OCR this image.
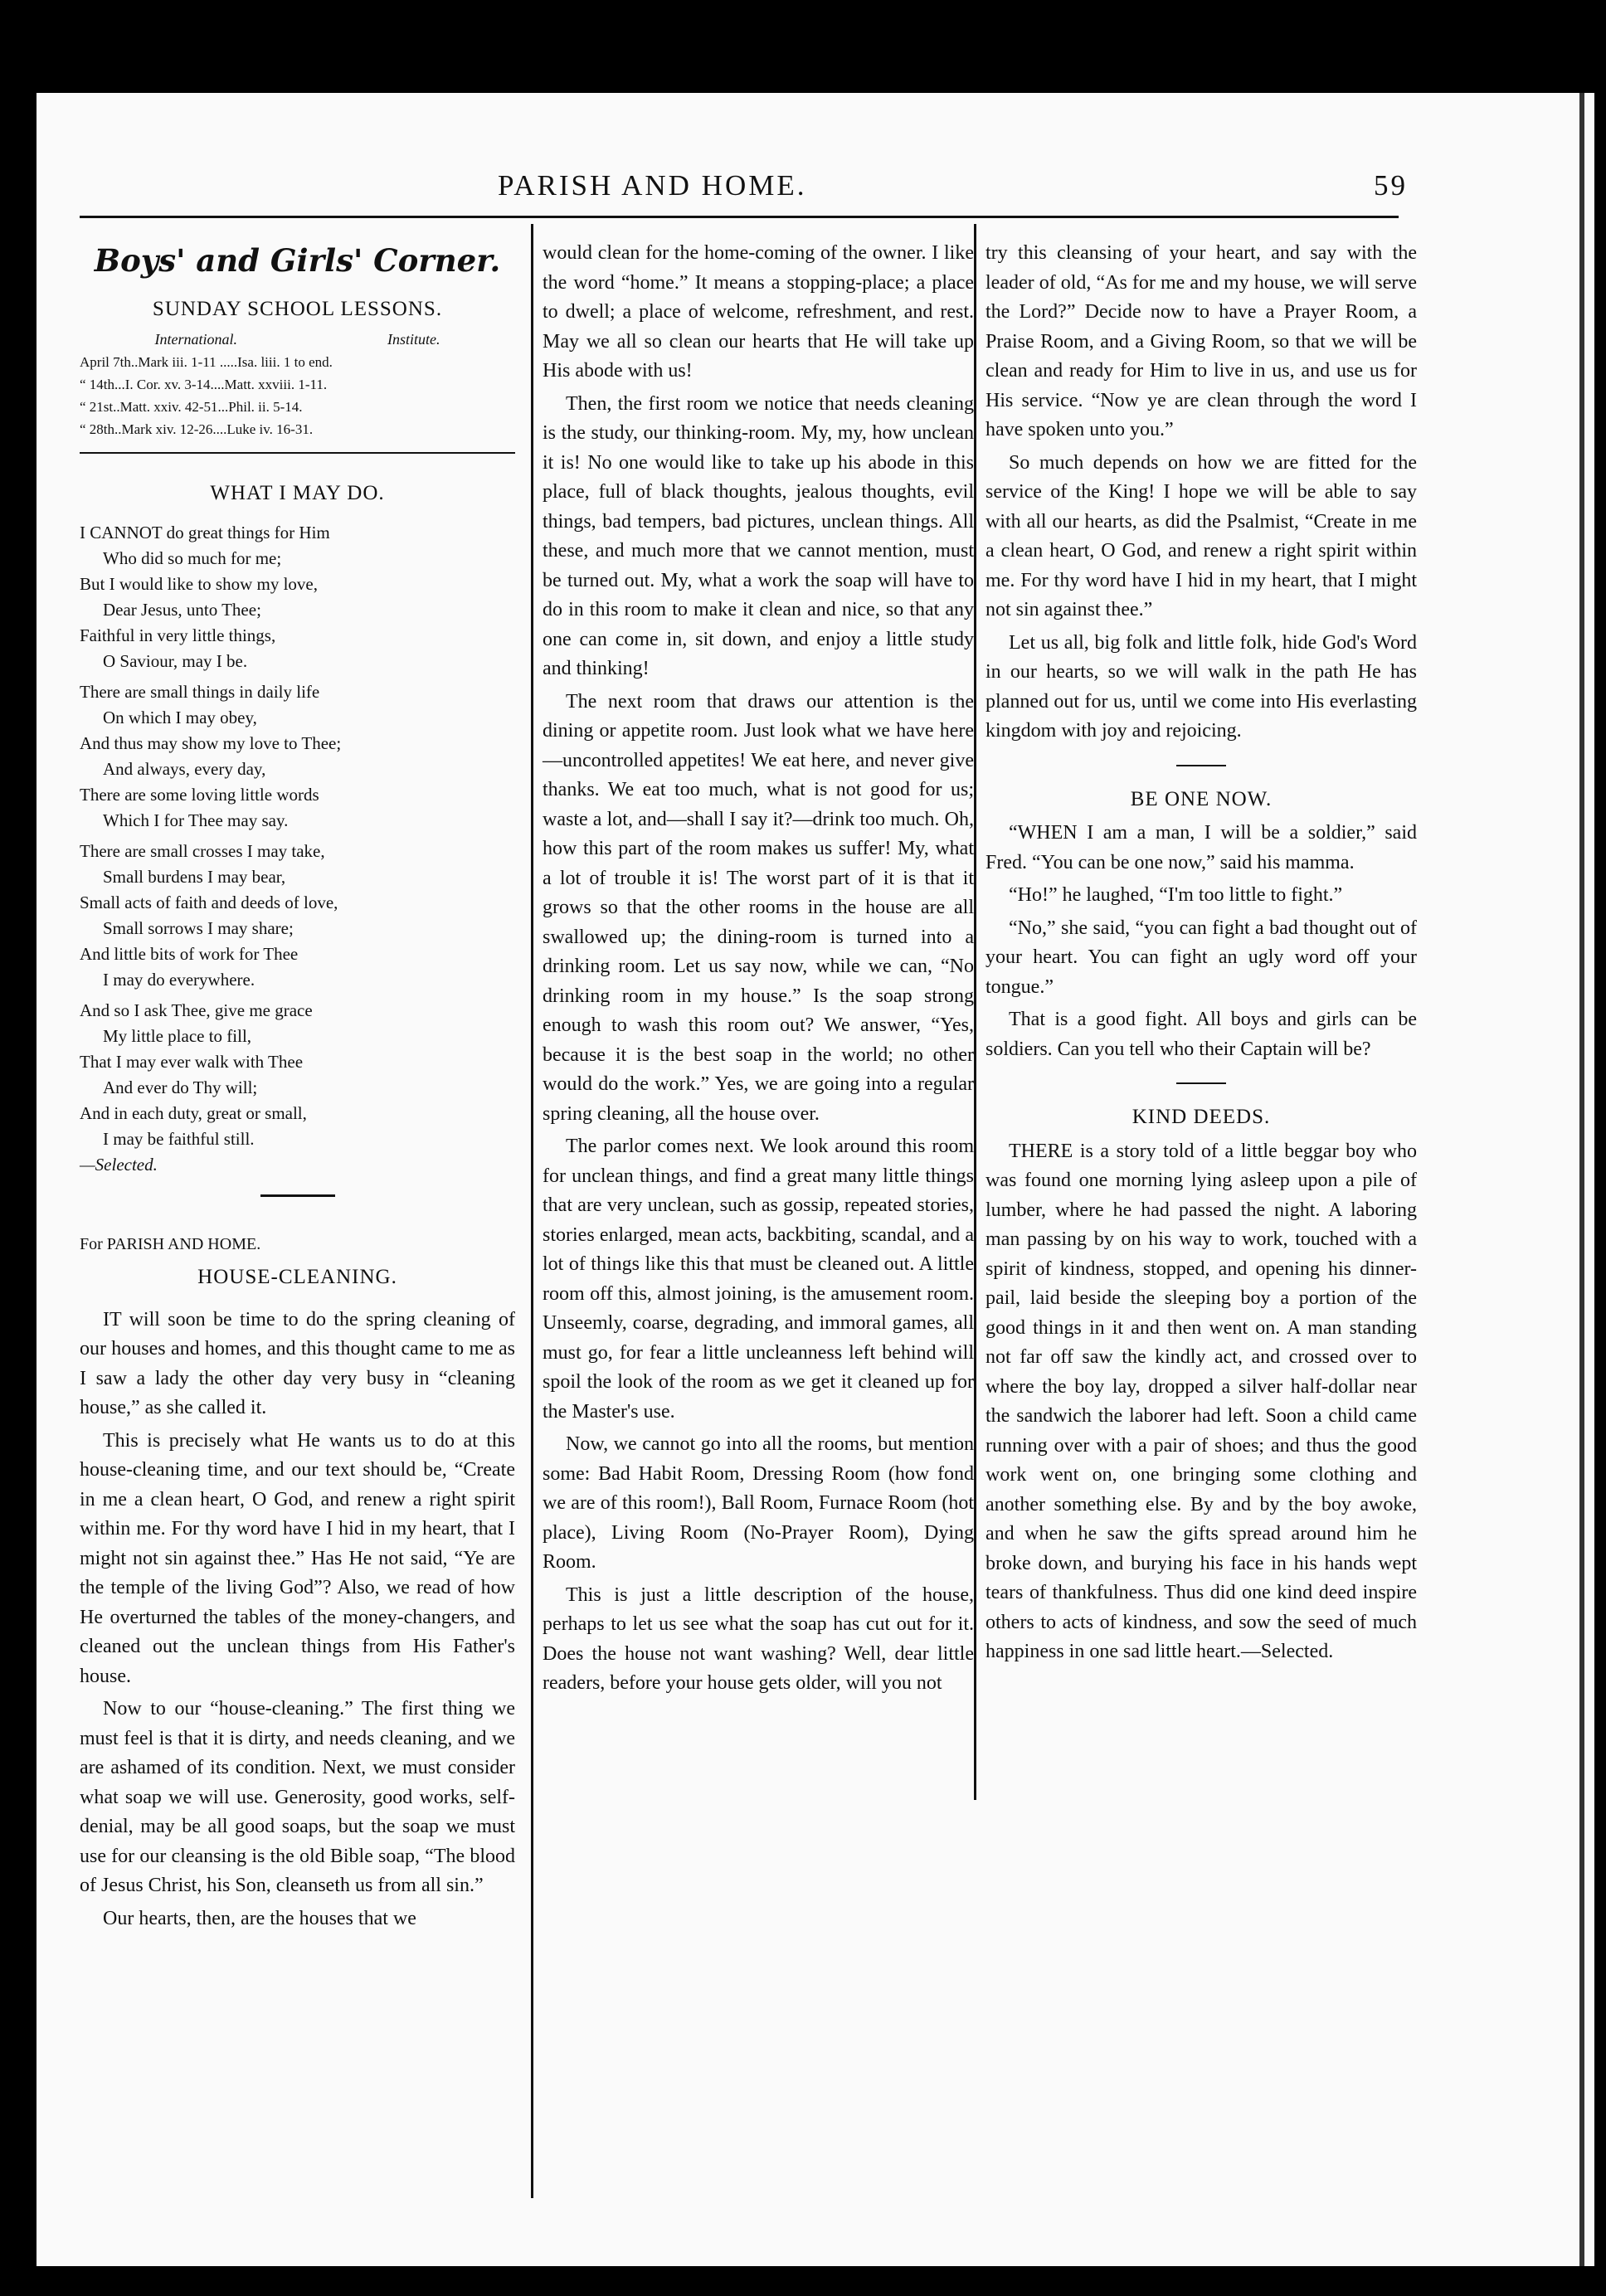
PARISH AND HOME.	59
Boys' and Girls' Corner.
SUNDAY SCHOOL LESSONS.
International.	Institute.
April 7th..Mark iii. 1-11 .....Isa. liii. 1 to end.
“ 14th...I. Cor. xv. 3-14....Matt. xxviii. 1-11.
“ 21st..Matt. xxiv. 42-51...Phil. ii. 5-14.
“ 28th..Mark xiv. 12-26....Luke iv. 16-31.
WHAT I MAY DO.
I CANNOT do great things for Him
Who did so much for me;
But I would like to show my love,
Dear Jesus, unto Thee;
Faithful in very little things,
O Saviour, may I be.
There are small things in daily life
On which I may obey,
And thus may show my love to Thee;
And always, every day,
There are some loving little words
Which I for Thee may say.
There are small crosses I may take,
Small burdens I may bear,
Small acts of faith and deeds of love,
Small sorrows I may share;
And little bits of work for Thee
I may do everywhere.
And so I ask Thee, give me grace
My little place to fill,
That I may ever walk with Thee
And ever do Thy will;
And in each duty, great or small,
I may be faithful still.
—Selected.

For PARISH AND HOME.

HOUSE-CLEANING.

IT will soon be time to do the spring cleaning of our houses and homes, and this thought came to me as I saw a lady the other day very busy in “cleaning house,” as she called it.

This is precisely what He wants us to do at this house-cleaning time, and our text should be, “Create in me a clean heart, O God, and renew a right spirit within me. For thy word have I hid in my heart, that I might not sin against thee.” Has He not said, “Ye are the temple of the living God”? Also, we read of how He overturned the tables of the money-changers, and cleaned out the unclean things from His Father's house.

Now to our “house-cleaning.” The first thing we must feel is that it is dirty, and needs cleaning, and we are ashamed of its condition. Next, we must consider what soap we will use. Generosity, good works, self-denial, may be all good soaps, but the soap we must use for our cleansing is the old Bible soap, “The blood of Jesus Christ, his Son, cleanseth us from all sin.”

Our hearts, then, are the houses that we

would clean for the home-coming of the owner. I like the word “home.” It means a stopping-place; a place to dwell; a place of welcome, refreshment, and rest. May we all so clean our hearts that He will take up His abode with us!

Then, the first room we notice that needs cleaning is the study, our thinking-room. My, my, how unclean it is! No one would like to take up his abode in this place, full of black thoughts, jealous thoughts, evil things, bad tempers, bad pictures, unclean things. All these, and much more that we cannot mention, must be turned out. My, what a work the soap will have to do in this room to make it clean and nice, so that any one can come in, sit down, and enjoy a little study and thinking!

The next room that draws our attention is the dining or appetite room. Just look what we have here—uncontrolled appetites! We eat here, and never give thanks. We eat too much, what is not good for us; waste a lot, and—shall I say it?—drink too much. Oh, how this part of the room makes us suffer! My, what a lot of trouble it is! The worst part of it is that it grows so that the other rooms in the house are all swallowed up; the dining-room is turned into a drinking room. Let us say now, while we can, “No drinking room in my house.” Is the soap strong enough to wash this room out? We answer, “Yes, because it is the best soap in the world; no other would do the work.” Yes, we are going into a regular spring cleaning, all the house over.

The parlor comes next. We look around this room for unclean things, and find a great many little things that are very unclean, such as gossip, repeated stories, stories enlarged, mean acts, backbiting, scandal, and a lot of things like this that must be cleaned out. A little room off this, almost joining, is the amusement room. Unseemly, coarse, degrading, and immoral games, all must go, for fear a little uncleanness left behind will spoil the look of the room as we get it cleaned up for the Master's use.

Now, we cannot go into all the rooms, but mention some: Bad Habit Room, Dressing Room (how fond we are of this room!), Ball Room, Furnace Room (hot place), Living Room (No-Prayer Room), Dying Room.

This is just a little description of the house, perhaps to let us see what the soap has cut out for it. Does the house not want washing? Well, dear little readers, before your house gets older, will you not

try this cleansing of your heart, and say with the leader of old, “As for me and my house, we will serve the Lord?” Decide now to have a Prayer Room, a Praise Room, and a Giving Room, so that we will be clean and ready for Him to live in us, and use us for His service. “Now ye are clean through the word I have spoken unto you.”

So much depends on how we are fitted for the service of the King! I hope we will be able to say with all our hearts, as did the Psalmist, “Create in me a clean heart, O God, and renew a right spirit within me. For thy word have I hid in my heart, that I might not sin against thee.”

Let us all, big folk and little folk, hide God's Word in our hearts, so we will walk in the path He has planned out for us, until we come into His everlasting kingdom with joy and rejoicing.

BE ONE NOW.

“WHEN I am a man, I will be a soldier,” said Fred. “You can be one now,” said his mamma.

“Ho!” he laughed, “I'm too little to fight.”

“No,” she said, “you can fight a bad thought out of your heart. You can fight an ugly word off your tongue.”

That is a good fight. All boys and girls can be soldiers. Can you tell who their Captain will be?

KIND DEEDS.

THERE is a story told of a little beggar boy who was found one morning lying asleep upon a pile of lumber, where he had passed the night. A laboring man passing by on his way to work, touched with a spirit of kindness, stopped, and opening his dinner-pail, laid beside the sleeping boy a portion of the good things in it and then went on. A man standing not far off saw the kindly act, and crossed over to where the boy lay, dropped a silver half-dollar near the sandwich the laborer had left. Soon a child came running over with a pair of shoes; and thus the good work went on, one bringing some clothing and another something else. By and by the boy awoke, and when he saw the gifts spread around him he broke down, and burying his face in his hands wept tears of thankfulness. Thus did one kind deed inspire others to acts of kindness, and sow the seed of much happiness in one sad little heart.—Selected.
